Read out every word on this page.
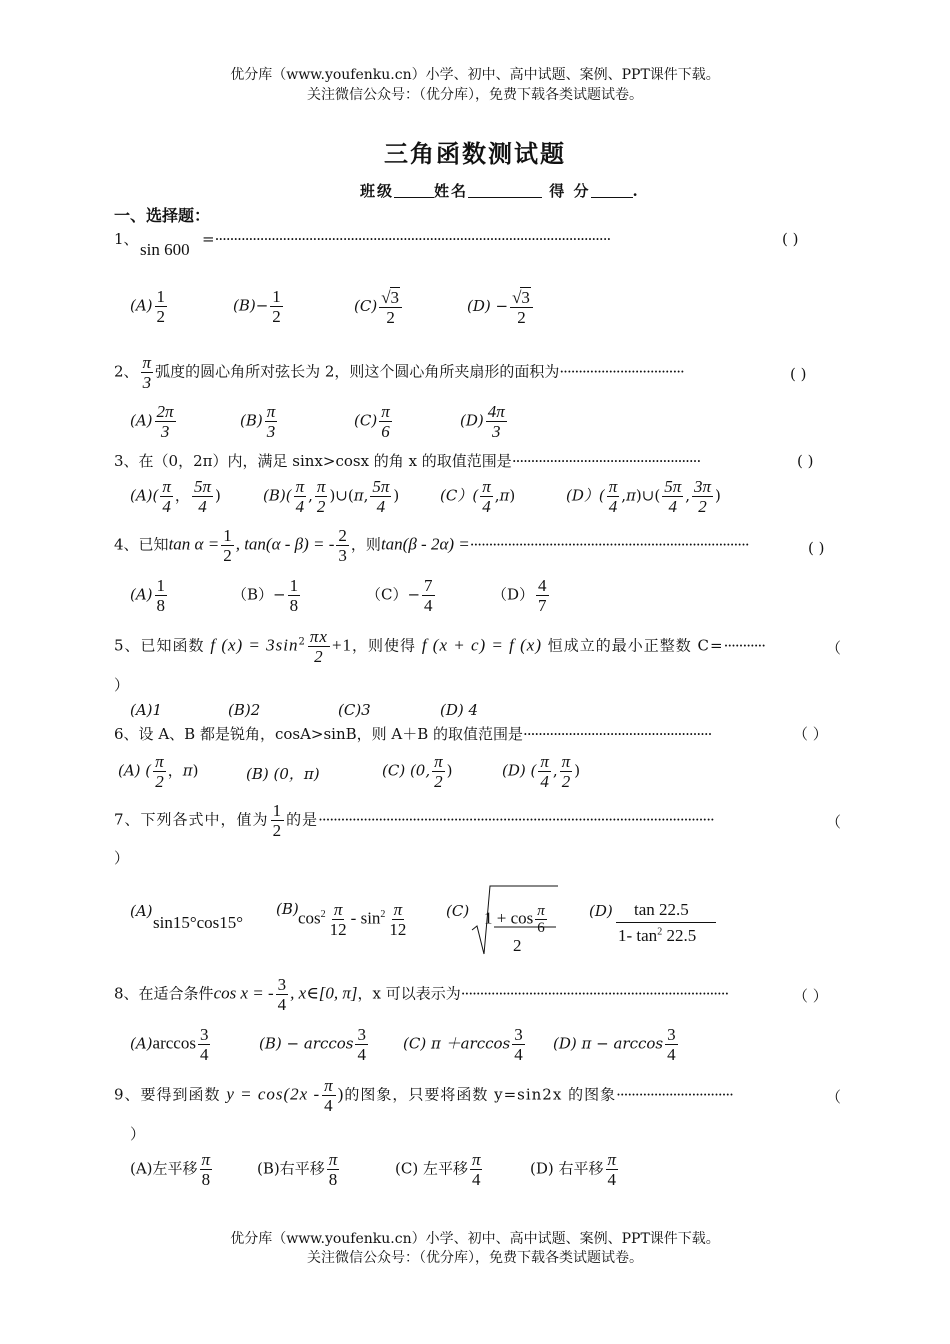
优分库（www.youfenku.cn）小学、初中、高中试题、案例、PPT课件下载。
关注微信公众号：（优分库），免费下载各类试题试卷。
三角函数测试题
班级	姓名	得 分	.
一、选择题：
1、
sin 600
=·········································································································	( )
$(A) \frac{1}{2}$	$(B)- \frac{1}{2}$	$(C) \frac{√3}{2}$	$(D) - \frac{√3}{2}$
2、 $\frac{\pi}{3}$ 弧度的圆心角所对弦长为 2，则这个圆心角所夹扇形的面积为·································	( )
$(A) \frac{2\pi}{3}$	$(B) \frac{\pi}{3}$	$(C) \frac{\pi}{6}$	$(D) \frac{4\pi}{3}$
3、在（0，2π）内，满足 sinx>cosx 的角 x 的取值范围是··················································	( )
$(A)( \frac{\pi}{4}$ ， $\frac{5\pi}{4}$ )	$(B)( \frac{\pi}{4}$ , $\frac{\pi}{2}$ )∪(π, $\frac{5\pi}{4}$ )	$(C)( \frac{\pi}{4} ,\pi)$	$(D)( \frac{\pi}{4}$ ,π)∪( $\frac{5\pi}{4}$ , $\frac{3\pi}{2}$ )
4、已知$\tan \alpha = \frac{1}{2}$ , tan(α - β) = - $\frac{2}{3}$ ，则tan(β - 2α) =··········································································	( )
$(A) \frac{1}{8}$	$(B)- \frac{1}{8}$	$(C)- \frac{7}{4}$	$(D) \frac{4}{7}$
5、已知函数 f $(x) = 3\sin^2 \frac{\pi x}{2} +1$，则使得 f (x + c) = f (x) 恒成立的最小正整数 C=···········	（
）
(A)1	(B)2	(C)3	(D) 4
6、设 A、B 都是锐角，cosA>sinB，则 A＋B 的取值范围是··················································	（ ）
(A) ( $\frac{\pi}{2}$ ，π)	(B) (0，π)	(C) (0, $\frac{\pi}{2}$ )	(D) ( $\frac{\pi}{4}$ , $\frac{\pi}{2}$ )
7、下列各式中，值为 $\frac{1}{2}$ 的是·········································································································	（
）
(A)
sin15°cos15°
(B) $\cos^2 \frac{\pi}{12} - \sin^2 \frac{\pi}{12}$	(C) $1 + \cos \frac{\pi}{6}$
2
(D) tan 22.5
1- $\tan^2 22.5$
8、在适合条件cos x = - $\frac{3}{4}$ , x∈[0, π]，x 可以表示为·······································································	（ ）
$(A)\arccos \frac{3}{4}$	$(B) - \arccos \frac{3}{4} (C)$ $\pi +\arccos \frac{3}{4} (D) \pi - \arccos \frac{3}{4}$
9、要得到函数 $y = \cos(2x - \frac{\pi}{4}$ )的图象，只要将函数 y=sin2x 的图象·······························	（
）
(A)左平移 $\frac{\pi}{8}$	(B)右平移 $\frac{\pi}{8}$	(C) 左平移 $\frac{\pi}{4}$	(D) 右平移 $\frac{\pi}{4}$
优分库（www.youfenku.cn）小学、初中、高中试题、案例、PPT课件下载。
关注微信公众号：（优分库），免费下载各类试题试卷。
